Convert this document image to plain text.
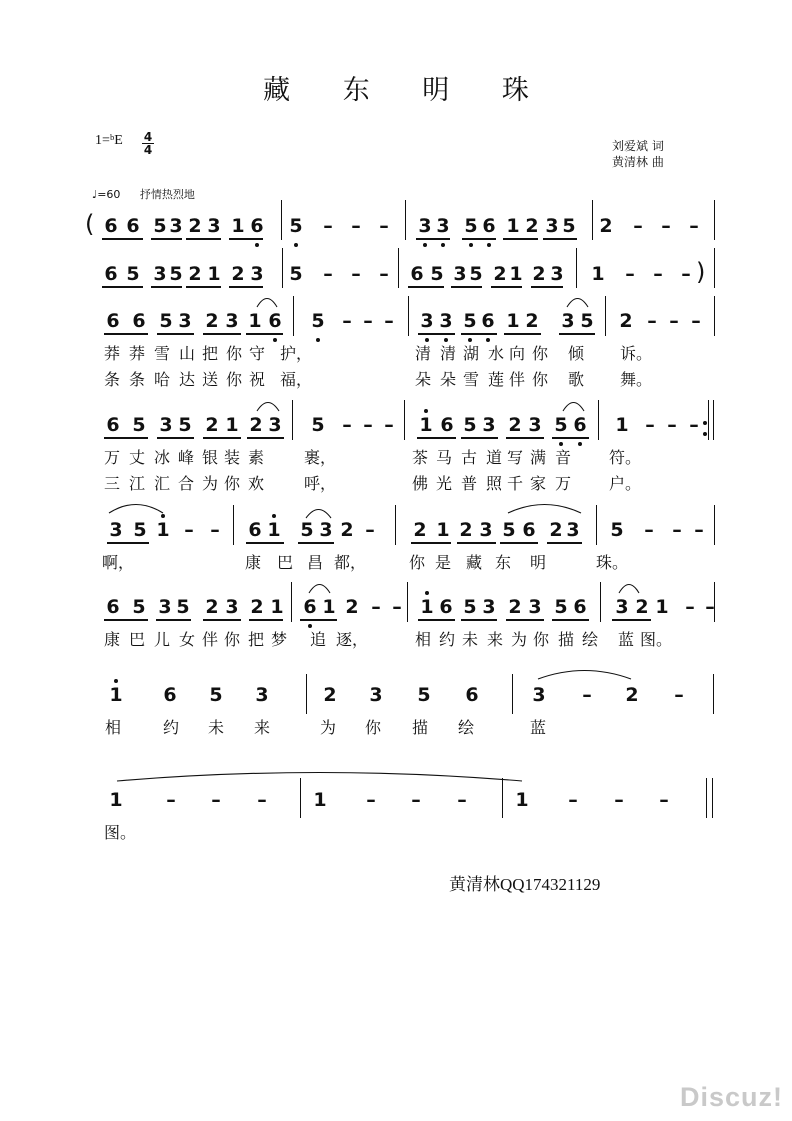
藏 东 明 珠
1=ᵇE 4
4	刘爱斌 词
黄清林 曲
♩=60 抒情热烈地
(
)
6 6 5 3 2 3 1 6 5 – – – 3 3 5 6 1 2 3 5 2 – – –
6 5 3 5 2 1 2 3 5 – – – 6 5 3 5 2 1 2 3 1 – – –
6 6 5 3 2 3 1 6 5 – – – 3 3 5 6 1 2 3 5 2 – – –
莽 莽 雪 山 把 你 守 护，	清 清 湖 水 向 你 倾 诉。
条 条 哈 达 送 你 祝 福，	朵 朵 雪 莲 伴 你 歌 舞。
6 5 3 5 2 1 2 3 5 – – – 1 6 5 3 2 3 5 6 1 – – –
万 丈 冰 峰 银 装 素 裹，	茶 马 古 道 写 满 音 符。
三 江 汇 合 为 你 欢 呼，	佛 光 普 照 千 家 万 户。
3 5 1 – – 6 1 5 3 2 – 2 1 2 3 5 6 2 3 5 – – –
啊，	康 巴 昌 都，	你 是 藏 东 明	珠。
6 5 3 5 2 3 2 1 6 1 2 – – 1 6 5 3 2 3 5 6 3 2 1 – –
康 巴 儿 女 伴 你 把 梦 追 逐，	相 约 未 来 为 你 描 绘 蓝 图。
1 6 5 3	2 3 5 6	3 – 2 –
相	约 未 来	为 你 描 绘	蓝
1 – – – 1 – – –	1 – – –
图。
黄清林QQ174321129
Discuz!
